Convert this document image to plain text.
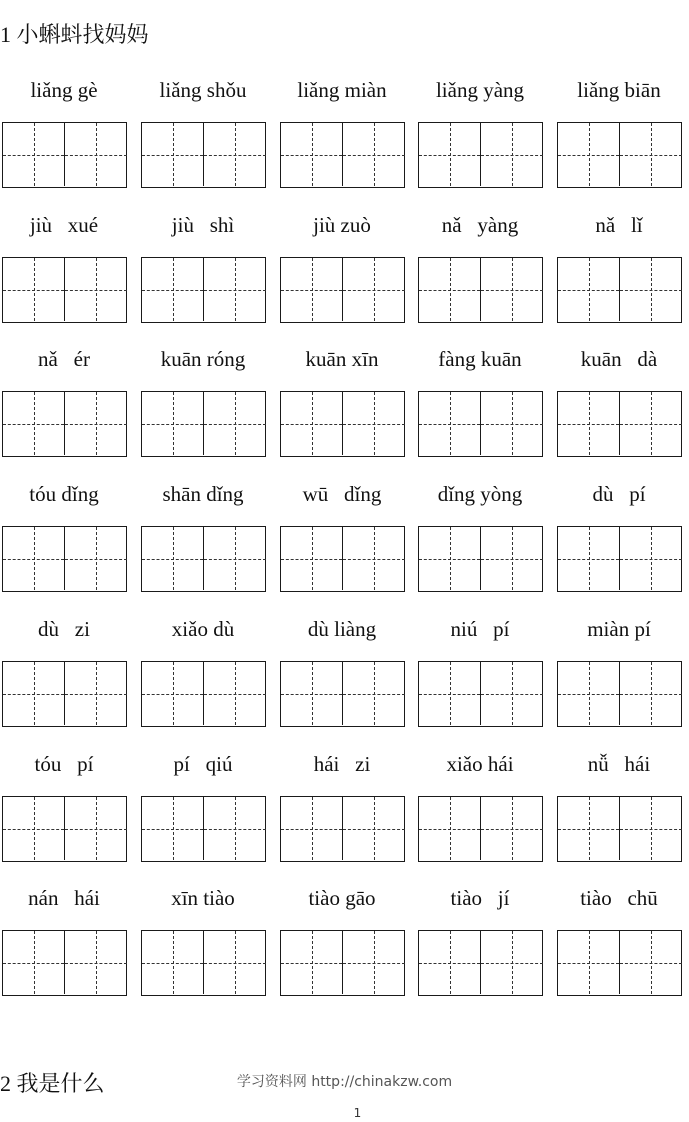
1 小蝌蚪找妈妈
liǎng gè	liǎng shǒu	liǎng miàn	liǎng yàng	liǎng biān
jiù   xué	jiù   shì	jiù zuò	nǎ   yàng	nǎ   lǐ
nǎ   ér	kuān róng	kuān xīn	fàng kuān	kuān   dà
tóu dǐng	shān dǐng	wū   dǐng	dǐng yòng	dù   pí
dù   zi	xiǎo dù	dù liàng	niú   pí	miàn pí
tóu   pí	pí   qiú	hái   zi	xiǎo hái	nǚ   hái
nán   hái	xīn tiào	tiào gāo	tiào   jí	tiào   chū
2 我是什么	学习资料网 http://chinakzw.com
1
